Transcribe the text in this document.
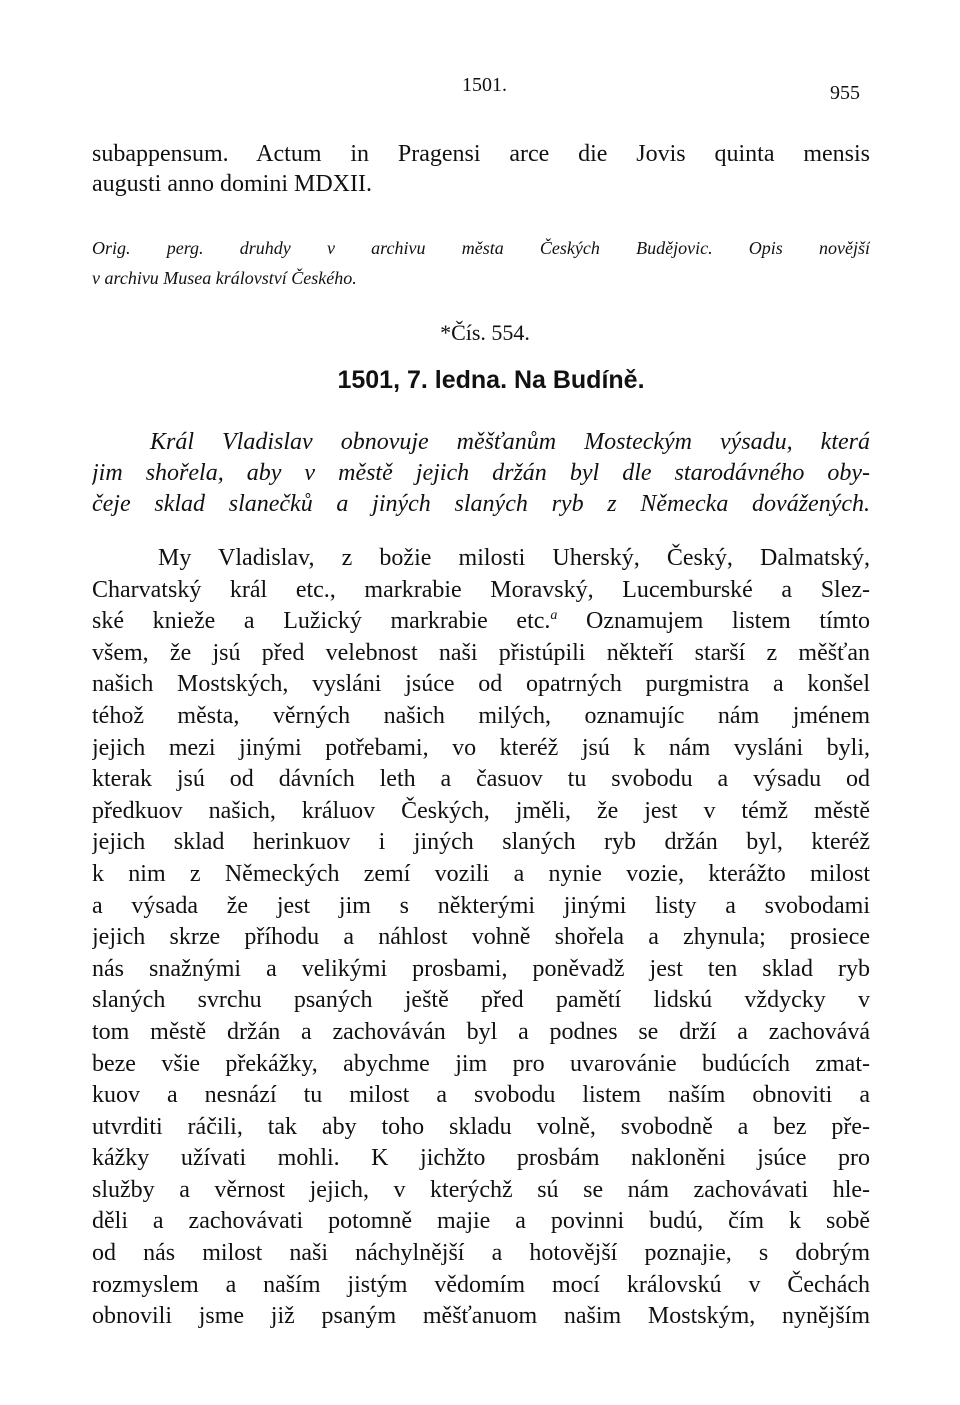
1501.	955
subappensum. Actum in Pragensi arce die Jovis quinta mensis
augusti anno domini MDXII.
Orig. perg. druhdy v archivu města Českých Budějovic. Opis novější
v archivu Musea království Českého.
*Čís. 554.
1501, 7. ledna. Na Budíně.
Král Vladislav obnovuje měšťanům Mosteckým výsadu, která
jim shořela, aby v městě jejich držán byl dle starodávného oby-
čeje sklad slanečků a jiných slaných ryb z Německa dovážených.
My Vladislav, z božie milosti Uherský, Český, Dalmatský,
Charvatský král etc., markrabie Moravský, Lucemburské a Slez-
ské knieže a Lužický markrabie etc.$^a$ Oznamujem listem tímto
všem, že jsú před velebnost naši přistúpili někteří starší z měšťan
našich Mostských, vysláni jsúce od opatrných purgmistra a konšel
téhož města, věrných našich milých, oznamujíc nám jménem
jejich mezi jinými potřebami, vo kteréž jsú k nám vysláni byli,
kterak jsú od dávních leth a časuov tu svobodu a výsadu od
předkuov našich, králuov Českých, jměli, že jest v témž městě
jejich sklad herinkuov i jiných slaných ryb držán byl, kteréž
k nim z Německých zemí vozili a nynie vozie, kterážto milost
a výsada že jest jim s některými jinými listy a svobodami
jejich skrze příhodu a náhlost vohně shořela a zhynula; prosiece
nás snažnými a velikými prosbami, poněvadž jest ten sklad ryb
slaných svrchu psaných ještě před pamětí lidskú vždycky v
tom městě držán a zachováván byl a podnes se drží a zachovává
beze všie překážky, abychme jim pro uvarovánie budúcích zmat-
kuov a nesnází tu milost a svobodu listem naším obnoviti a
utvrditi ráčili, tak aby toho skladu volně, svobodně a bez pře-
kážky užívati mohli. K jichžto prosbám nakloněni jsúce pro
služby a věrnost jejich, v kterýchž sú se nám zachovávati hle-
děli a zachovávati potomně majie a povinni budú, čím k sobě
od nás milost naši náchylnější a hotovější poznajie, s dobrým
rozmyslem a naším jistým vědomím mocí královskú v Čechách
obnovili jsme již psaným měšťanuom našim Mostským, nynějším
